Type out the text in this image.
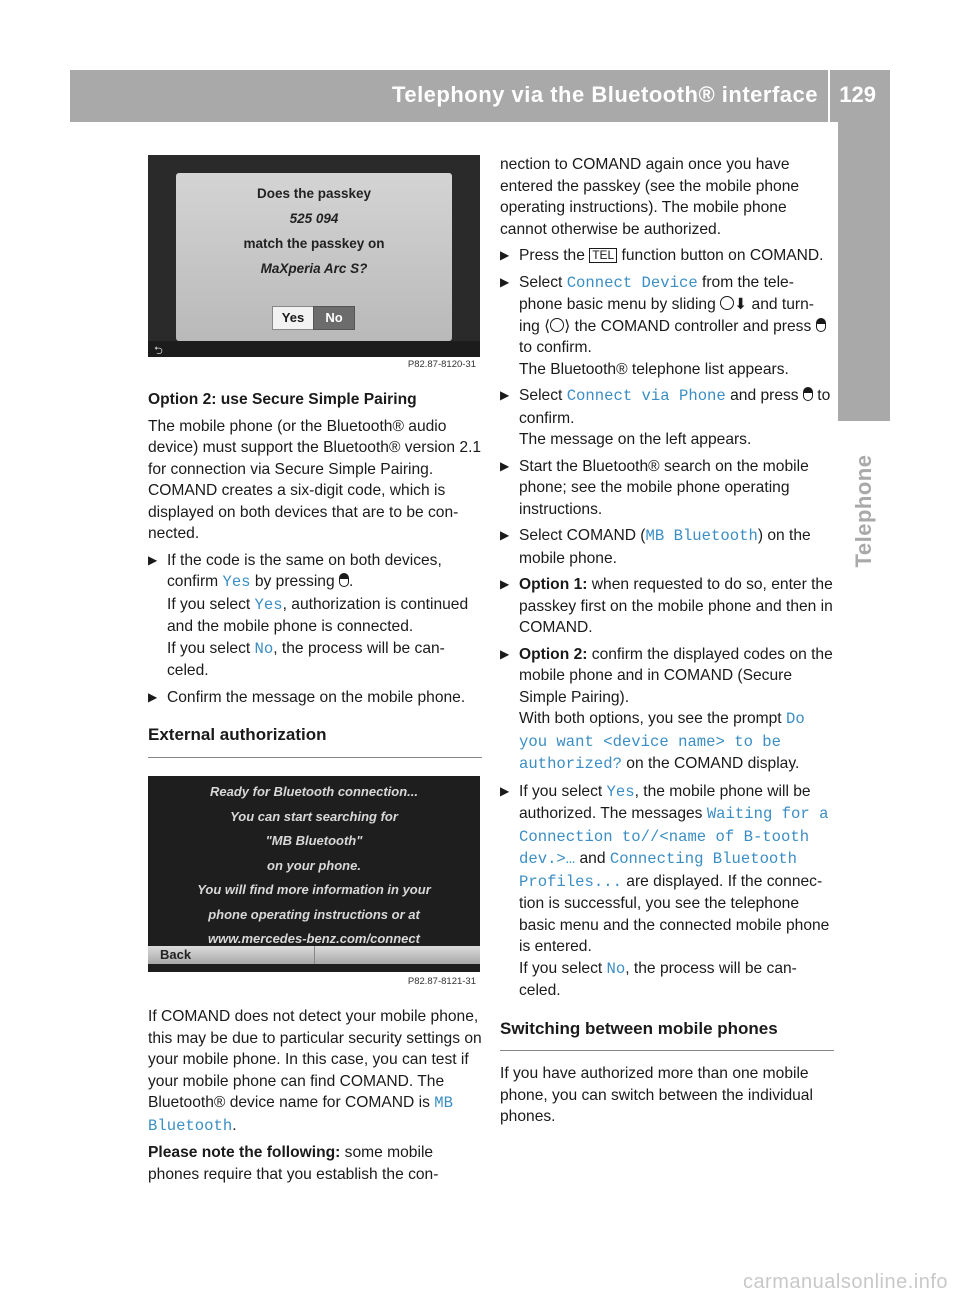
Telephony via the Bluetooth® interface 129
Telephone
Does the passkey
525 094
match the passkey on
MaXperia Arc S?
Yes	No
⮌
P82.87-8120-31

Option 2: use Secure Simple Pairing

The mobile phone (or the Bluetooth® audio device) must support the Bluetooth® version 2.1 for connection via Secure Simple Pairing. COMAND creates a six-digit code, which is displayed on both devices that are to be con-nected.

▶ If the code is the same on both devices, confirm Yes by pressing .
If you select Yes, authorization is continued and the mobile phone is connected.
If you select No, the process will be can-celed.
▶ Confirm the message on the mobile phone.
External authorization
Ready for Bluetooth connection...
You can start searching for
"MB Bluetooth"
on your phone.
You will find more information in your
phone operating instructions or at
www.mercedes-benz.com/connect
Back
P82.87-8121-31

If COMAND does not detect your mobile phone, this may be due to particular security settings on your mobile phone. In this case, you can test if your mobile phone can find COMAND. The Bluetooth® device name for COMAND is MB Bluetooth.

Please note the following: some mobile phones require that you establish the con-

nection to COMAND again once you have entered the passkey (see the mobile phone operating instructions). The mobile phone cannot otherwise be authorized.

▶ Press the TEL function button on COMAND.
▶ Select Connect Device from the tele-phone basic menu by sliding ⬇ and turn-ing ⟨ ⟩ the COMAND controller and press  to confirm.
The Bluetooth® telephone list appears.
▶ Select Connect via Phone and press  to confirm.
The message on the left appears.
▶ Start the Bluetooth® search on the mobile phone; see the mobile phone operating instructions.
▶ Select COMAND (MB Bluetooth) on the mobile phone.
▶ Option 1: when requested to do so, enter the passkey first on the mobile phone and then in COMAND.
▶ Option 2: confirm the displayed codes on the mobile phone and in COMAND (Secure Simple Pairing).
With both options, you see the prompt Do you want <device name> to be authorized? on the COMAND display.
▶ If you select Yes, the mobile phone will be authorized. The messages Waiting for a Connection to//<name of B-tooth dev.>… and Connecting Bluetooth Profiles... are displayed. If the connec-tion is successful, you see the telephone basic menu and the connected mobile phone is entered.
If you select No, the process will be can-celed.
Switching between mobile phones

If you have authorized more than one mobile phone, you can switch between the individual phones.

carmanualsonline.info
